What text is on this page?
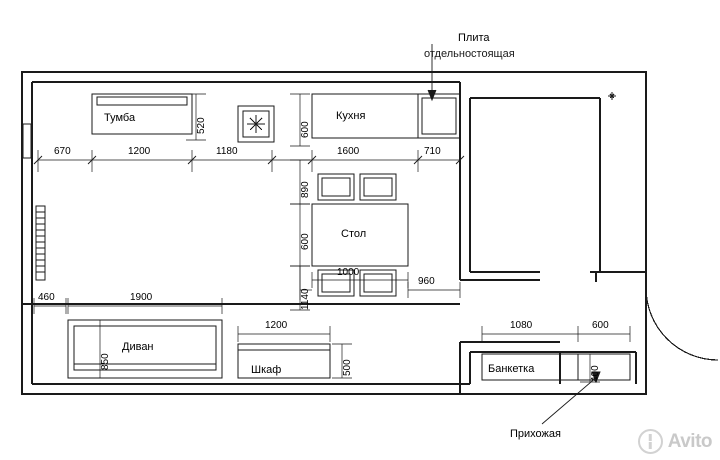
Тумба	Кухня
Стол
Диван
Шкаф	Банкетка
Плита
отдельностоящая
Прихожая
670	1200	1180	1600	710
460	1900
1200
1000
960
1080	600
520	600
890
600
1140
850	500	400
Avito
